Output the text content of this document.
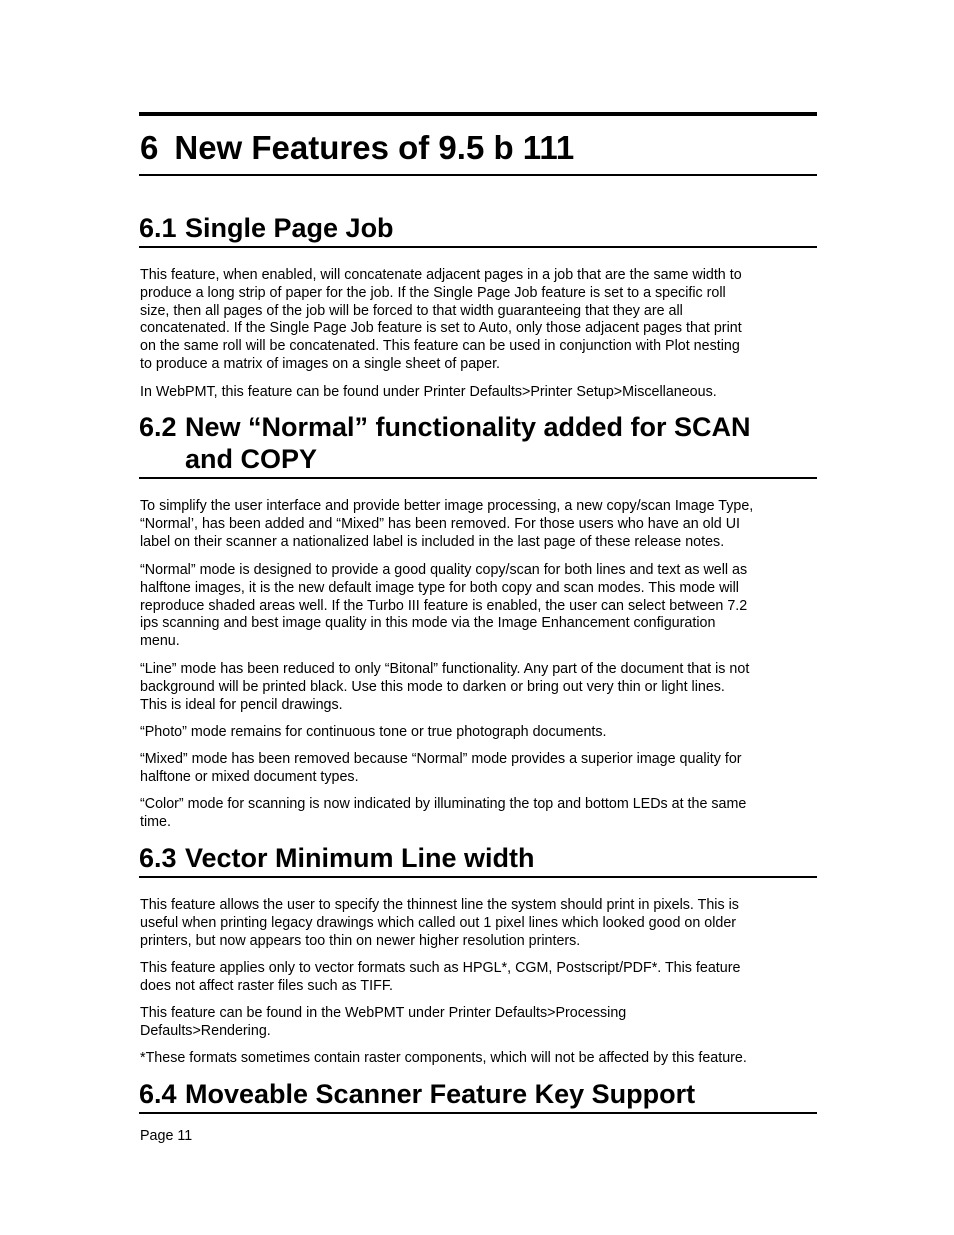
6 New Features of 9.5 b 111
6.1 Single Page Job

This feature, when enabled, will concatenate adjacent pages in a job that are the same width to
produce a long strip of paper for the job. If the Single Page Job feature is set to a specific roll
size, then all pages of the job will be forced to that width guaranteeing that they are all
concatenated. If the Single Page Job feature is set to Auto, only those adjacent pages that print
on the same roll will be concatenated. This feature can be used in conjunction with Plot nesting
to produce a matrix of images on a single sheet of paper.

In WebPMT, this feature can be found under Printer Defaults>Printer Setup>Miscellaneous.

6.2 New “Normal” functionality added for SCAN
and COPY

To simplify the user interface and provide better image processing, a new copy/scan Image Type,
“Normal’, has been added and “Mixed” has been removed. For those users who have an old UI
label on their scanner a nationalized label is included in the last page of these release notes.

“Normal” mode is designed to provide a good quality copy/scan for both lines and text as well as
halftone images, it is the new default image type for both copy and scan modes. This mode will
reproduce shaded areas well. If the Turbo III feature is enabled, the user can select between 7.2
ips scanning and best image quality in this mode via the Image Enhancement configuration
menu.

“Line” mode has been reduced to only “Bitonal” functionality. Any part of the document that is not
background will be printed black. Use this mode to darken or bring out very thin or light lines.
This is ideal for pencil drawings.

“Photo” mode remains for continuous tone or true photograph documents.

“Mixed” mode has been removed because “Normal” mode provides a superior image quality for
halftone or mixed document types.

“Color” mode for scanning is now indicated by illuminating the top and bottom LEDs at the same
time.

6.3 Vector Minimum Line width

This feature allows the user to specify the thinnest line the system should print in pixels. This is
useful when printing legacy drawings which called out 1 pixel lines which looked good on older
printers, but now appears too thin on newer higher resolution printers.

This feature applies only to vector formats such as HPGL*, CGM, Postscript/PDF*. This feature
does not affect raster files such as TIFF.

This feature can be found in the WebPMT under Printer Defaults>Processing
Defaults>Rendering.

*These formats sometimes contain raster components, which will not be affected by this feature.

6.4 Moveable Scanner Feature Key Support
Page 11
